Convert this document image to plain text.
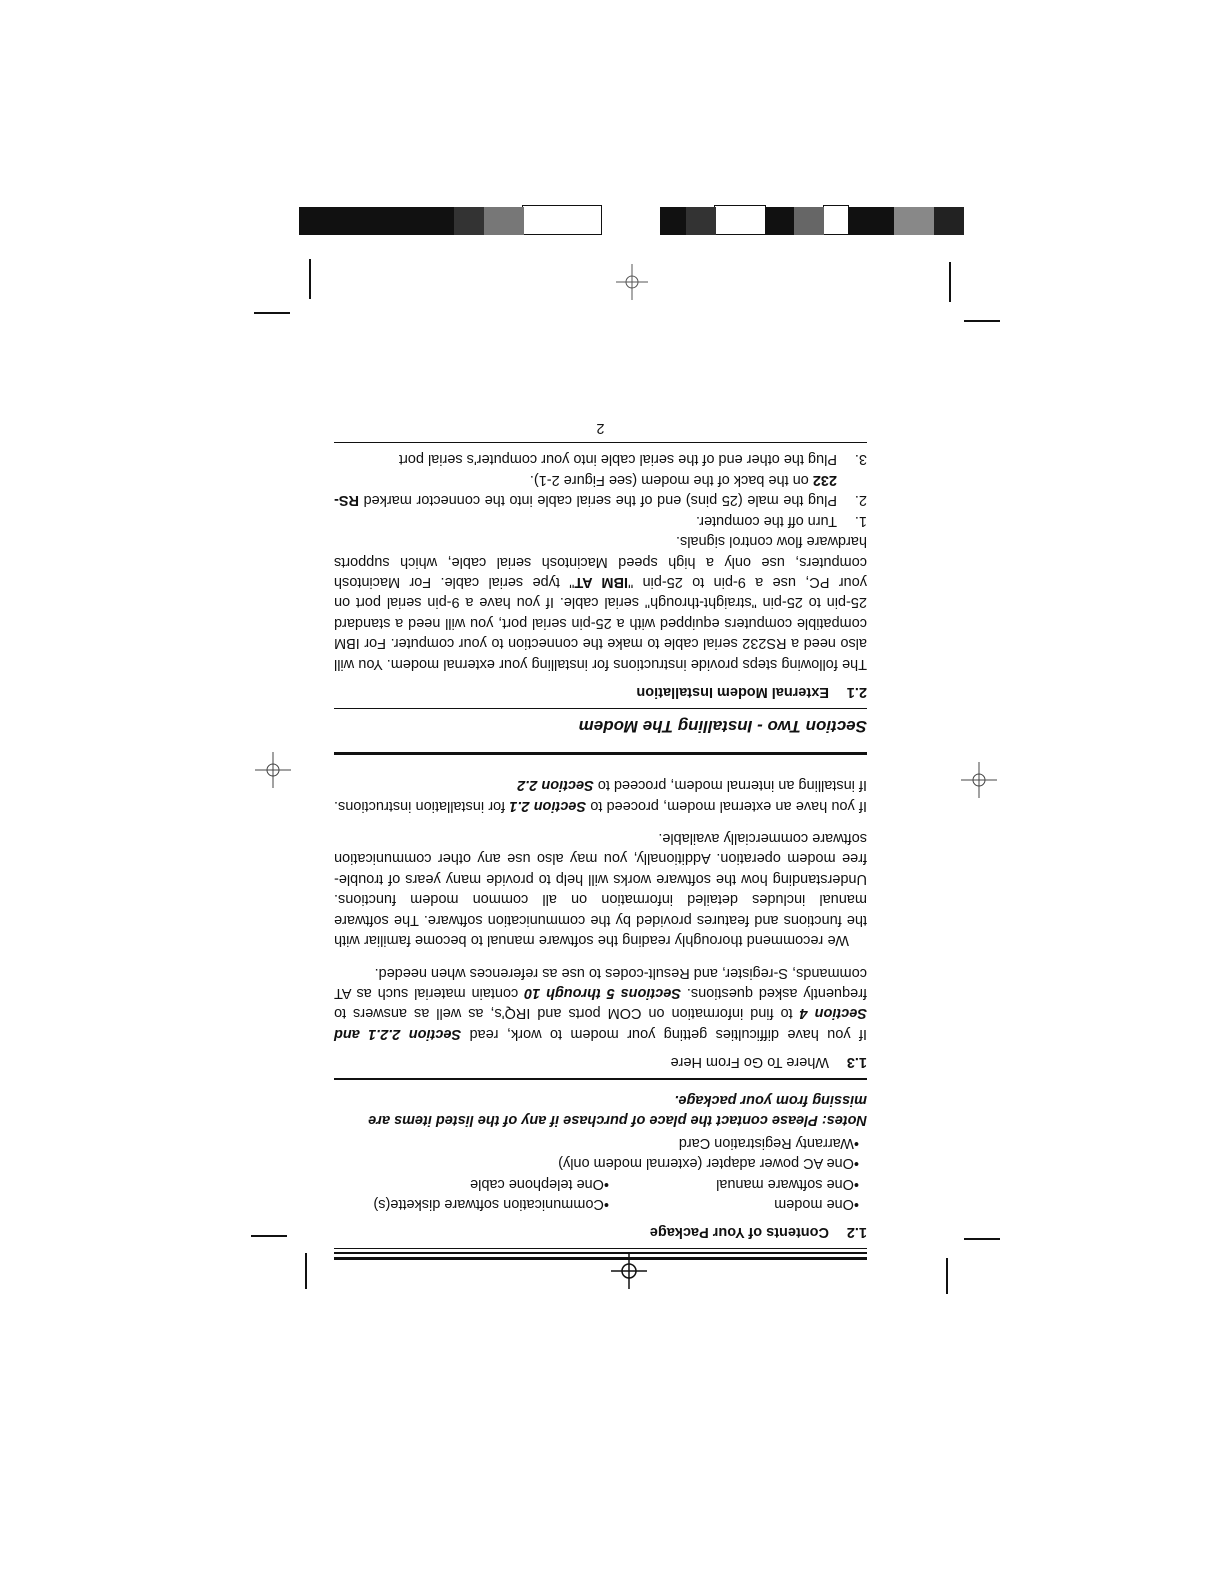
1.2Contents of Your Package
• One modem
• Communication software diskette(s)
• One software manual
• One telephone cable
• One AC power adapter (external modem only)
• Warranty Registration Card
Notes: Please contact the place of purchase if any of the listed items are missing from your package.
1.3Where To Go From Here

If you have difficulties getting your modem to work, read Section 2.2.1 and Section 4 to find information on COM ports and IRQ's, as well as answers to frequently asked questions. Sections 5 through 10 contain material such as AT commands, S-register, and Result-codes to use as references when needed.

We recommend thoroughly reading the software manual to become familiar with the functions and features provided by the communication software. The software manual includes detailed information on all common modem functions. Understanding how the software works will help to provide many years of trouble-free modem operation. Additionally, you may also use any other communication software commercially available.

If you have an external modem, proceed to Section 2.1 for installation instructions. If installing an internal modem, proceed to Section 2.2

Section Two - Installing The Modem
2.1External Modem Installation

The following steps provide instructions for installing your external modem. You will also need a RS232 serial cable to make the connection to your computer. For IBM compatible computers equipped with a 25-pin serial port, you will need a standard 25-pin to 25-pin "straight-through" serial cable. If you have a 9-pin serial port on your PC, use a 9-pin to 25-pin "IBM AT" type serial cable. For Macintosh computers, use only a high speed Macintosh serial cable, which supports hardware flow control signals.

1.
Turn off the computer.
2.
Plug the male (25 pins) end of the serial cable into the connector marked RS-232 on the back of the modem (see Figure 2-1).
3.
Plug the other end of the serial cable into your computer's serial port
2
